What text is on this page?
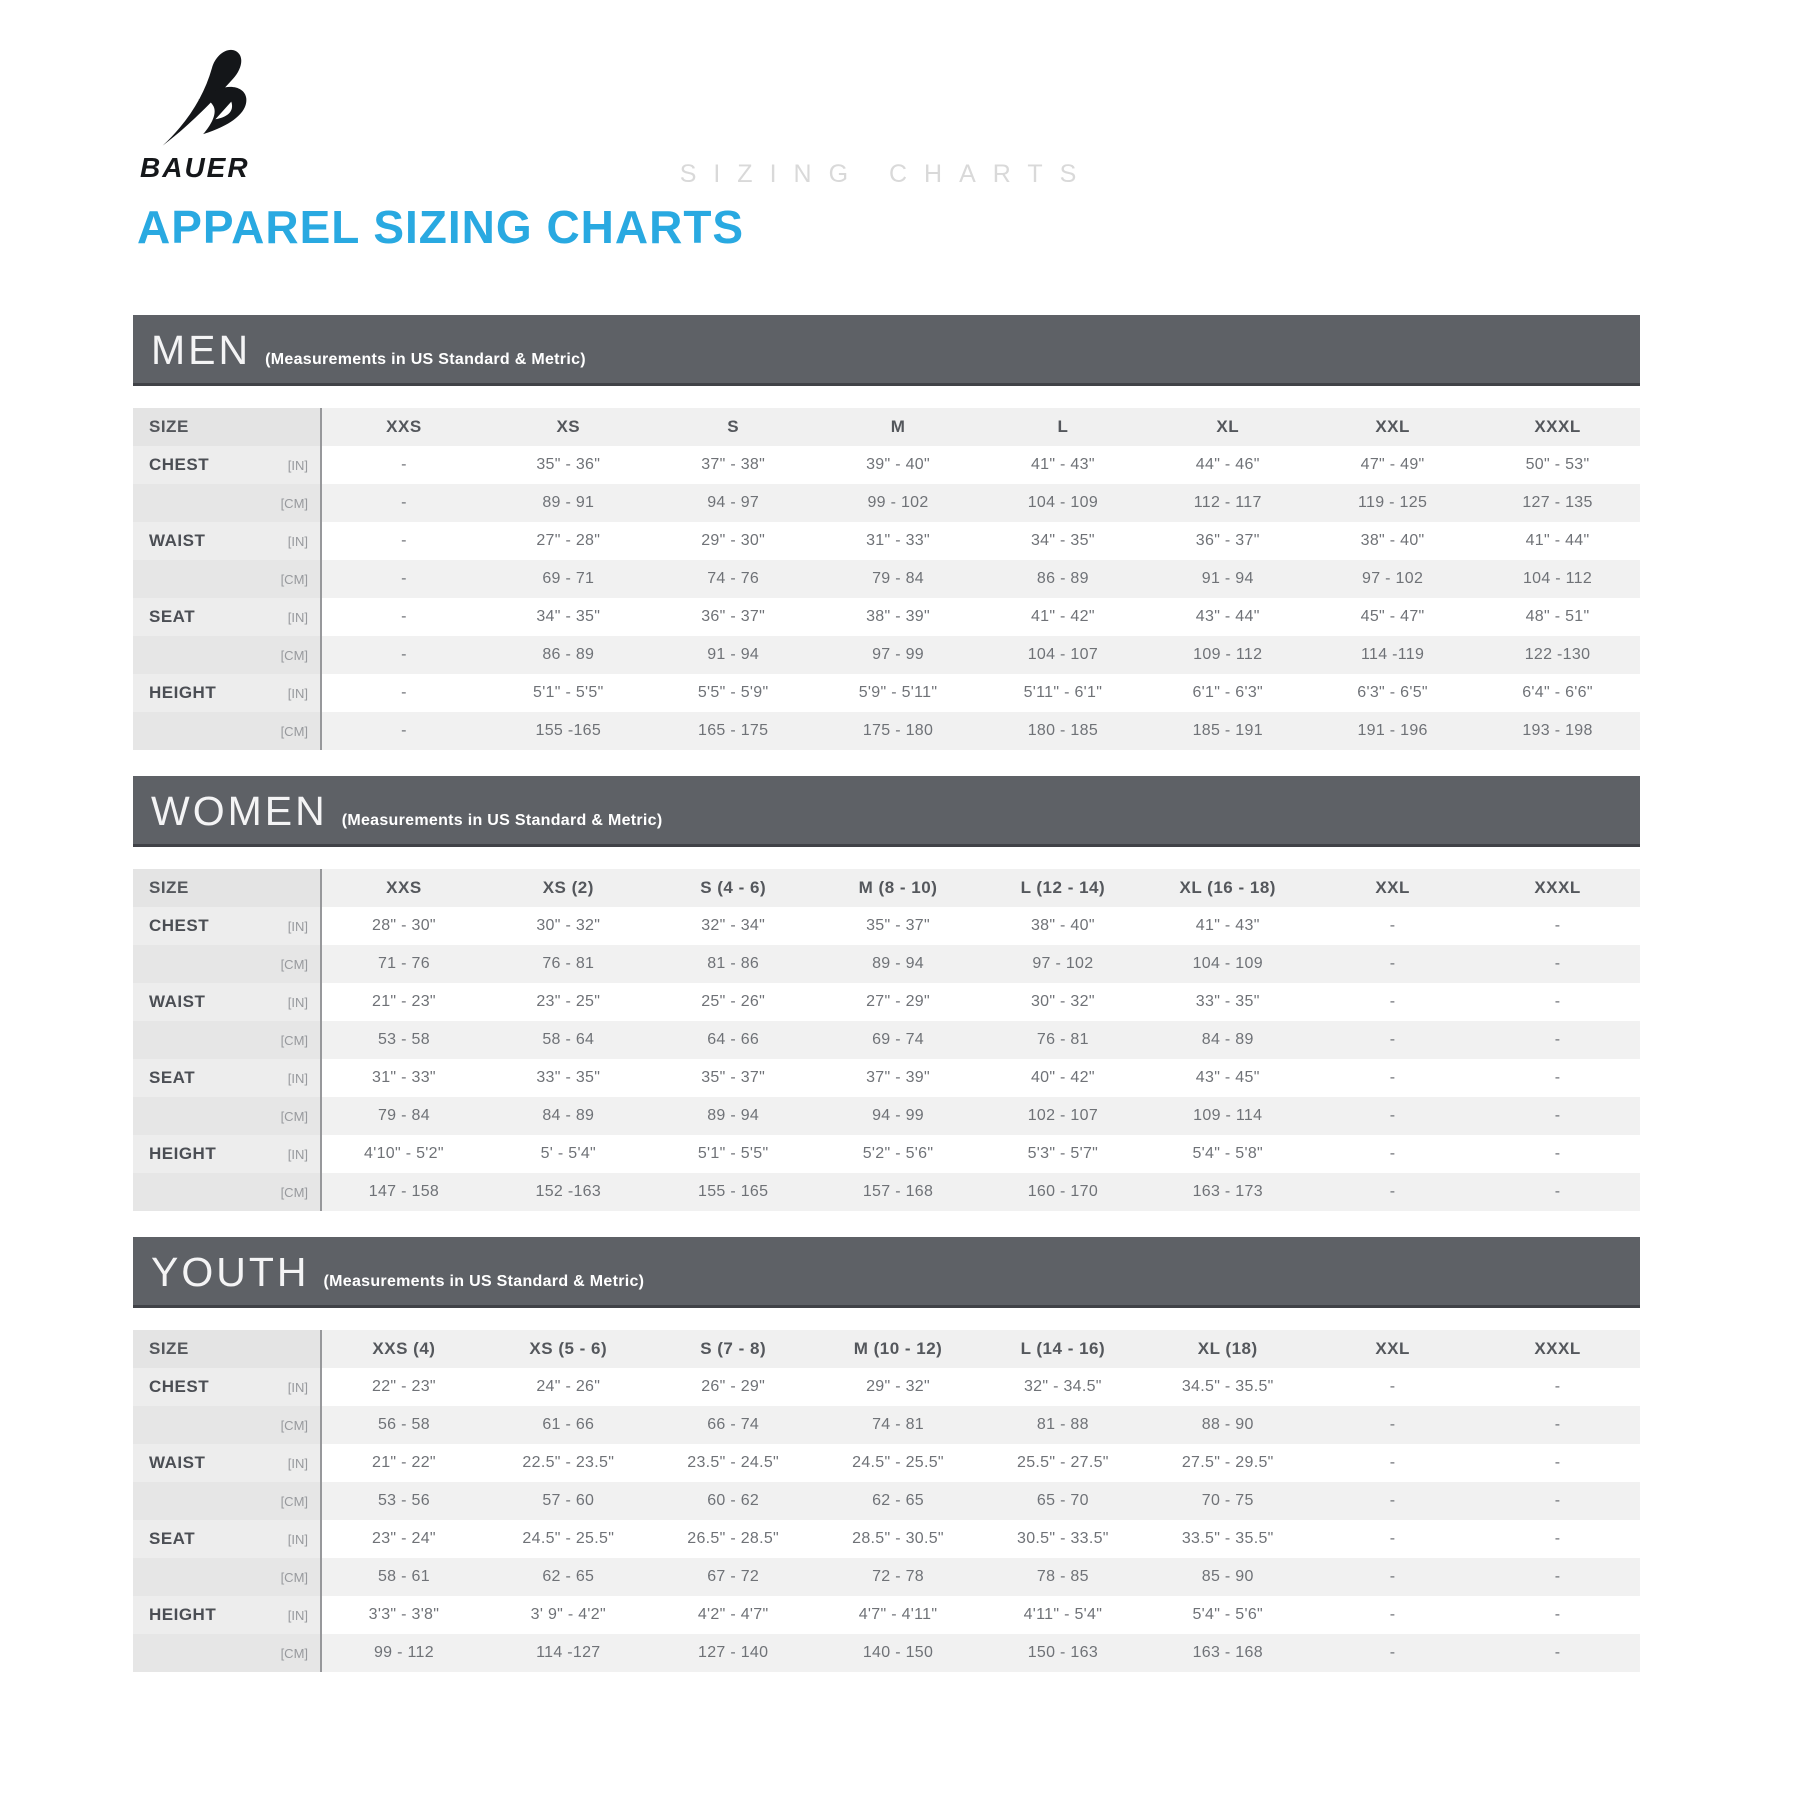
BAUER	SIZING CHARTS
APPAREL SIZING CHARTS
MEN (Measurements in US Standard & Metric)
SIZE		XXS	XS	S	M	L	XL	XXL	XXXL
CHEST	[IN]	-	35" - 36"	37" - 38"	39" - 40"	41" - 43"	44" - 46"	47" - 49"	50" - 53"
	[CM]	-	89 - 91	94 - 97	99 - 102	104 - 109	112 - 117	119 - 125	127 - 135
WAIST	[IN]	-	27" - 28"	29" - 30"	31" - 33"	34" - 35"	36" - 37"	38" - 40"	41" - 44"
	[CM]	-	69 - 71	74 - 76	79 - 84	86 - 89	91 - 94	97 - 102	104 - 112
SEAT	[IN]	-	34" - 35"	36" - 37"	38" - 39"	41" - 42"	43" - 44"	45" - 47"	48" - 51"
	[CM]	-	86 - 89	91 - 94	97 - 99	104 - 107	109 - 112	114 -119	122 -130
HEIGHT	[IN]	-	5'1" - 5'5"	5'5" - 5'9"	5'9" - 5'11"	5'11" - 6'1"	6'1" - 6'3"	6'3" - 6'5"	6'4" - 6'6"
	[CM]	-	155 -165	165 - 175	175 - 180	180 - 185	185 - 191	191 - 196	193 - 198
WOMEN (Measurements in US Standard & Metric)
SIZE		XXS	XS (2)	S (4 - 6)	M (8 - 10)	L (12 - 14)	XL (16 - 18)	XXL	XXXL
CHEST	[IN]	28" - 30"	30" - 32"	32" - 34"	35" - 37"	38" - 40"	41" - 43"	-	-
	[CM]	71 - 76	76 - 81	81 - 86	89 - 94	97 - 102	104 - 109	-	-
WAIST	[IN]	21" - 23"	23" - 25"	25" - 26"	27" - 29"	30" - 32"	33" - 35"	-	-
	[CM]	53 - 58	58 - 64	64 - 66	69 - 74	76 - 81	84 - 89	-	-
SEAT	[IN]	31" - 33"	33" - 35"	35" - 37"	37" - 39"	40" - 42"	43" - 45"	-	-
	[CM]	79 - 84	84 - 89	89 - 94	94 - 99	102 - 107	109 - 114	-	-
HEIGHT	[IN]	4'10" - 5'2"	5' - 5'4"	5'1" - 5'5"	5'2" - 5'6"	5'3" - 5'7"	5'4" - 5'8"	-	-
	[CM]	147 - 158	152 -163	155 - 165	157 - 168	160 - 170	163 - 173	-	-
YOUTH (Measurements in US Standard & Metric)
SIZE		XXS (4)	XS (5 - 6)	S (7 - 8)	M (10 - 12)	L (14 - 16)	XL (18)	XXL	XXXL
CHEST	[IN]	22" - 23"	24" - 26"	26" - 29"	29" - 32"	32" - 34.5"	34.5" - 35.5"	-	-
	[CM]	56 - 58	61 - 66	66 - 74	74 - 81	81 - 88	88 - 90	-	-
WAIST	[IN]	21" - 22"	22.5" - 23.5"	23.5" - 24.5"	24.5" - 25.5"	25.5" - 27.5"	27.5" - 29.5"	-	-
	[CM]	53 - 56	57 - 60	60 - 62	62 - 65	65 - 70	70 - 75	-	-
SEAT	[IN]	23" - 24"	24.5" - 25.5"	26.5" - 28.5"	28.5" - 30.5"	30.5" - 33.5"	33.5" - 35.5"	-	-
	[CM]	58 - 61	62 - 65	67 - 72	72 - 78	78 - 85	85 - 90	-	-
HEIGHT	[IN]	3'3" - 3'8"	3' 9" - 4'2"	4'2" - 4'7"	4'7" - 4'11"	4'11" - 5'4"	5'4" - 5'6"	-	-
	[CM]	99 - 112	114 -127	127 - 140	140 - 150	150 - 163	163 - 168	-	-
